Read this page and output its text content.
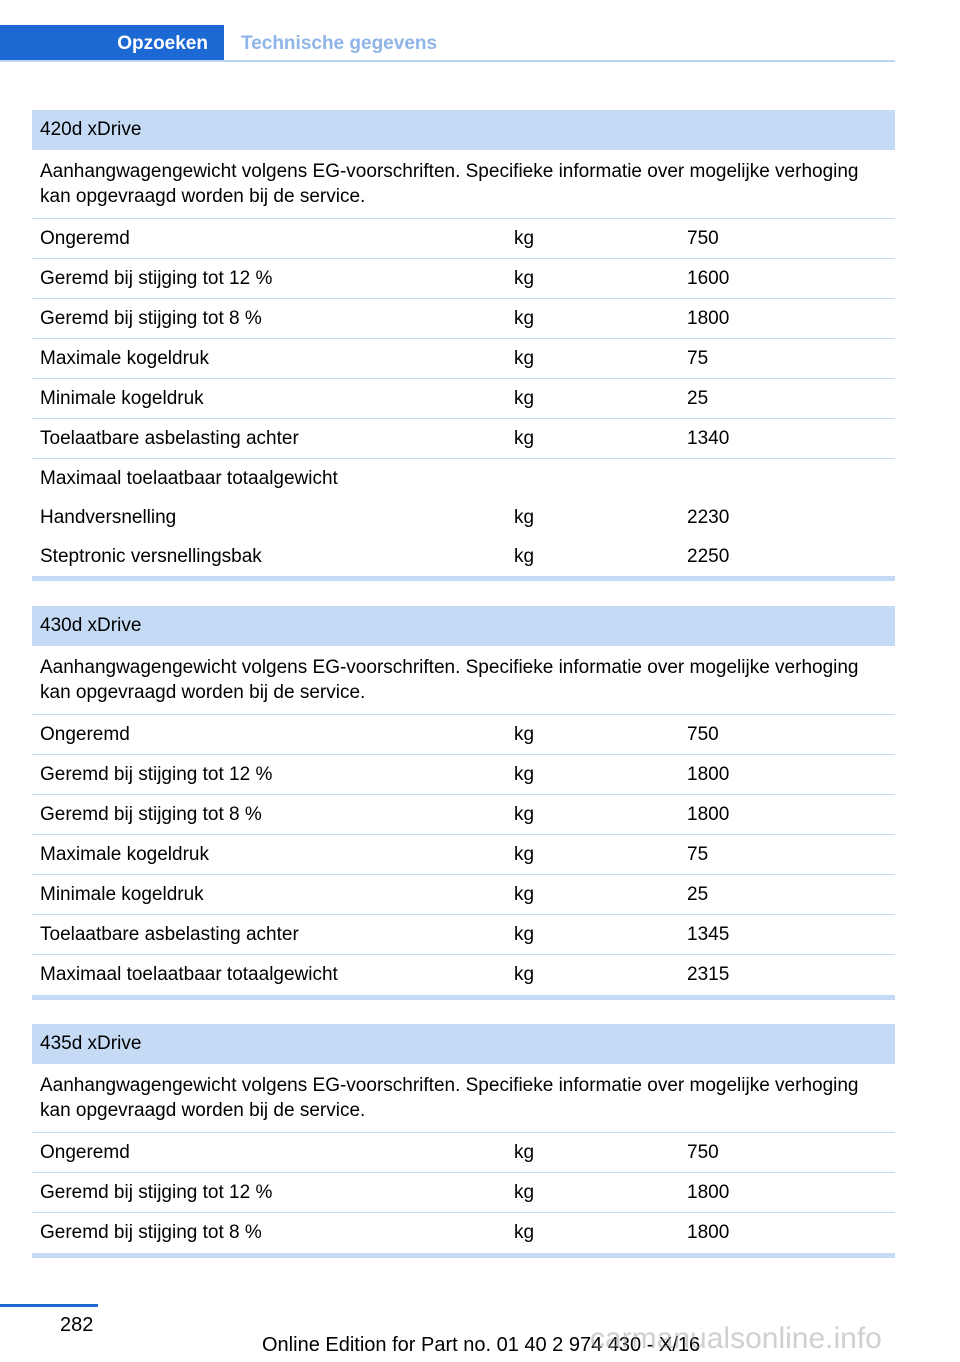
Opzoeken	Technische gegevens
420d xDrive
Aanhangwagengewicht volgens EG-voorschriften. Specifieke informatie over mogelijke verhoging kan opgevraagd worden bij de service.
Ongeremd	kg	750
Geremd bij stijging tot 12 %	kg	1600
Geremd bij stijging tot 8 %	kg	1800
Maximale kogeldruk	kg	75
Minimale kogeldruk	kg	25
Toelaatbare asbelasting achter	kg	1340
Maximaal toelaatbaar totaalgewicht
Handversnelling	kg	2230
Steptronic versnellingsbak	kg	2250
430d xDrive
Aanhangwagengewicht volgens EG-voorschriften. Specifieke informatie over mogelijke verhoging kan opgevraagd worden bij de service.
Ongeremd	kg	750
Geremd bij stijging tot 12 %	kg	1800
Geremd bij stijging tot 8 %	kg	1800
Maximale kogeldruk	kg	75
Minimale kogeldruk	kg	25
Toelaatbare asbelasting achter	kg	1345
Maximaal toelaatbaar totaalgewicht	kg	2315
435d xDrive
Aanhangwagengewicht volgens EG-voorschriften. Specifieke informatie over mogelijke verhoging kan opgevraagd worden bij de service.
Ongeremd	kg	750
Geremd bij stijging tot 12 %	kg	1800
Geremd bij stijging tot 8 %	kg	1800
282
Online Edition for Part no. 01 40 2 974 430 - X/16
carmanualsonline.info
